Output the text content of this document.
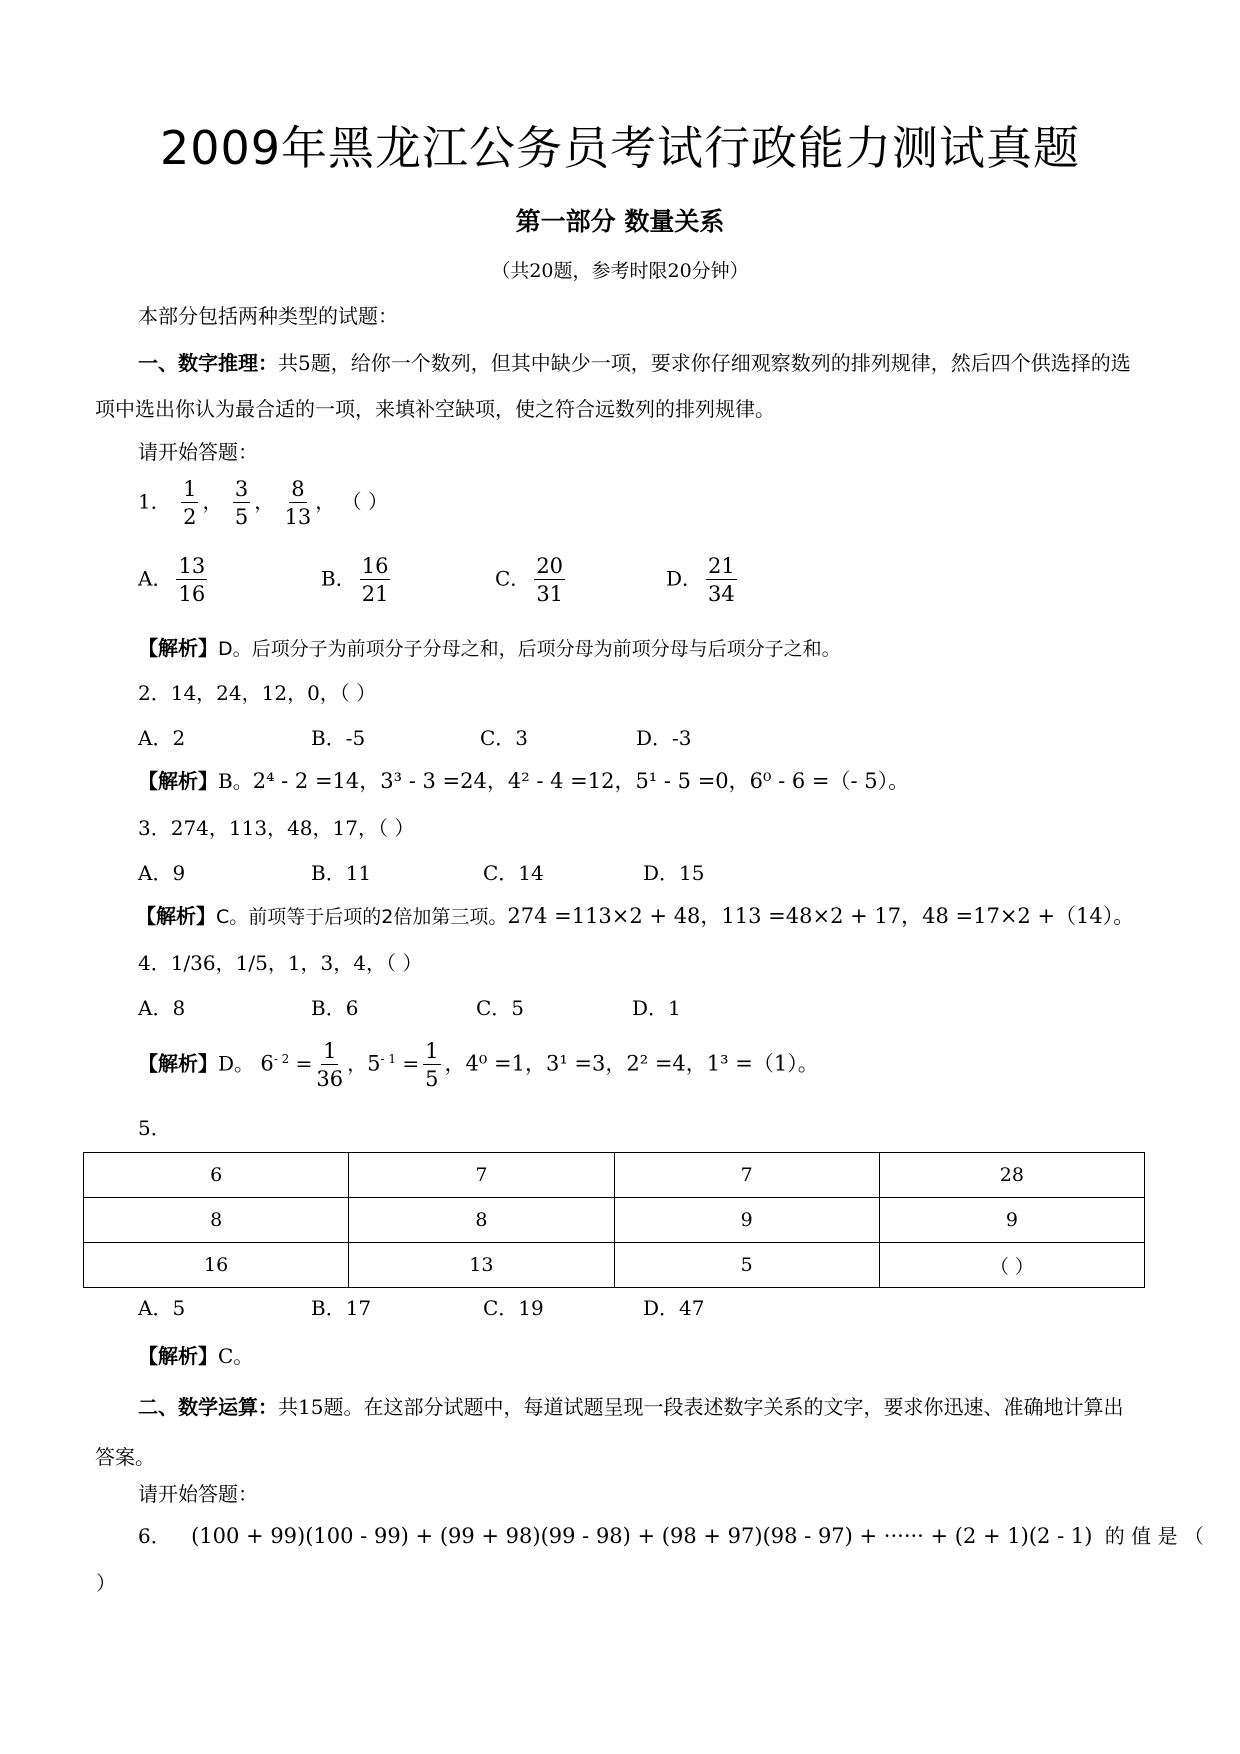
2009年黑龙江公务员考试行政能力测试真题
第一部分 数量关系
（共20题，参考时限20分钟）
本部分包括两种类型的试题：
一、数字推理：共5题，给你一个数列，但其中缺少一项，要求你仔细观察数列的排列规律，然后四个供选择的选项中选出你认为最合适的一项，来填补空缺项，使之符合远数列的排列规律。
请开始答题：
1． $\frac{1}{2}$ ， $\frac{3}{5}$ ， $\frac{8}{13}$ ， （ ）
A． $\frac{13}{16}$	B． $\frac{16}{21}$	C． $\frac{20}{31}$	D． $\frac{21}{34}$
【解析】D。后项分子为前项分子分母之和，后项分母为前项分母与后项分子之和。
2．14，24，12，0，（ ）
A．2	B．-5	C．3	D．-3
【解析】B。2⁴ - 2 =14，3³ - 3 =24，4² - 4 =12，5¹ - 5 =0，6⁰ - 6 =（- 5）。
3．274，113，48，17，（ ）
A．9	B．11	C．14	D．15
【解析】C。前项等于后项的2倍加第三项。274 =113×2 + 48，113 =48×2 + 17，48 =17×2 +（14）。
4．1/36，1/5，1，3，4，（ ）
A．8	B．6	C．5	D．1
【解析】D。 $6^{- 2} = \frac{1}{36}$ ，$5^{- 1} = \frac{1}{5}$ ，4⁰ =1，3¹ =3，2² =4，1³ =（1）。
5．
6	7	7	28
8	8	9	9
16	13	5	（ ）
A．5	B．17	C．19	D．47
【解析】C。
二、数学运算：共15题。在这部分试题中，每道试题呈现一段表述数字关系的文字，要求你迅速、准确地计算出答案。
请开始答题：
6． (100 + 99)(100 - 99) + (99 + 98)(99 - 98) + (98 + 97)(98 - 97) + ······ + (2 + 1)(2 - 1) 的 值 是 （
）
